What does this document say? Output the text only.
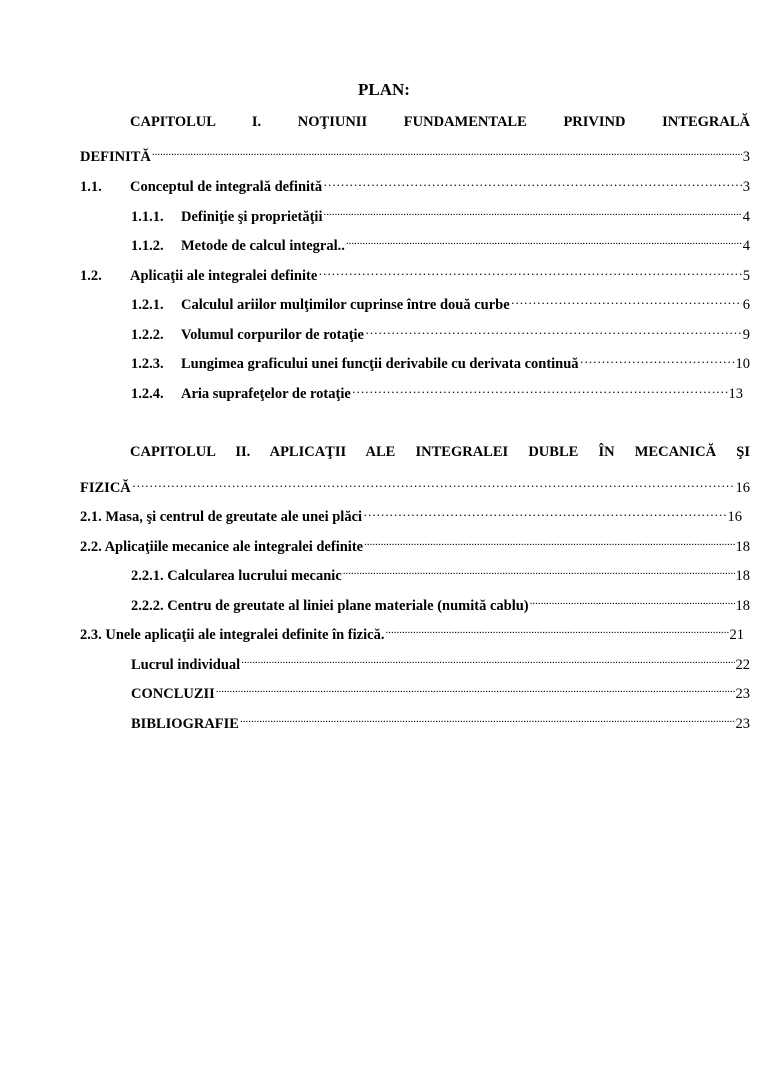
PLAN:
CAPITOLUL I. NOŢIUNII FUNDAMENTALE PRIVIND INTEGRALĂ
DEFINITĂ .....	3
1.1.	Conceptul de integrală definită …………………………………………………………………………………………………………………………………………………………………………………………	3
1.1.1.	Definiţie şi proprietăţii .....	4
1.1.2.	Metode de calcul integral.. .....	4
1.2.	Aplicaţii ale integralei definite …………………………………………………………………………………………………………………………………………………………………………………………	5
1.2.1.	Calculul ariilor mulţimilor cuprinse între două curbe …………………………………………………………………………………………………………………………………………………………………………………………	6
1.2.2.	Volumul corpurilor de rotaţie …………………………………………………………………………………………………………………………………………………………………………………………	9
1.2.3.	Lungimea graficului unei funcţii derivabile cu derivata continuă …………………………………………………………………………………………………………………………………………………………………………………………	10
1.2.4.	Aria suprafeţelor de rotaţie …………………………………………………………………………………………………………………………………………………………………………………………	13
CAPITOLUL II. APLICAŢII ALE INTEGRALEI DUBLE ÎN MECANICĂ ŞI
FIZICĂ …………………………………………………………………………………………………………………………………………………………………………………………	16
2.1. Masa, şi centrul de greutate ale unei plăci …………………………………………………………………………………………………………………………………………………………………………………………	16
2.2. Aplicaţiile mecanice ale integralei definite .....	18
2.2.1. Calcularea lucrului mecanic .....	18
2.2.2. Centru de greutate al liniei plane materiale (numită cablu) .....	18
2.3. Unele aplicaţii ale integralei definite în fizică. .....	21
Lucrul individual .....	22
CONCLUZII .....	23
BIBLIOGRAFIE .....	23
